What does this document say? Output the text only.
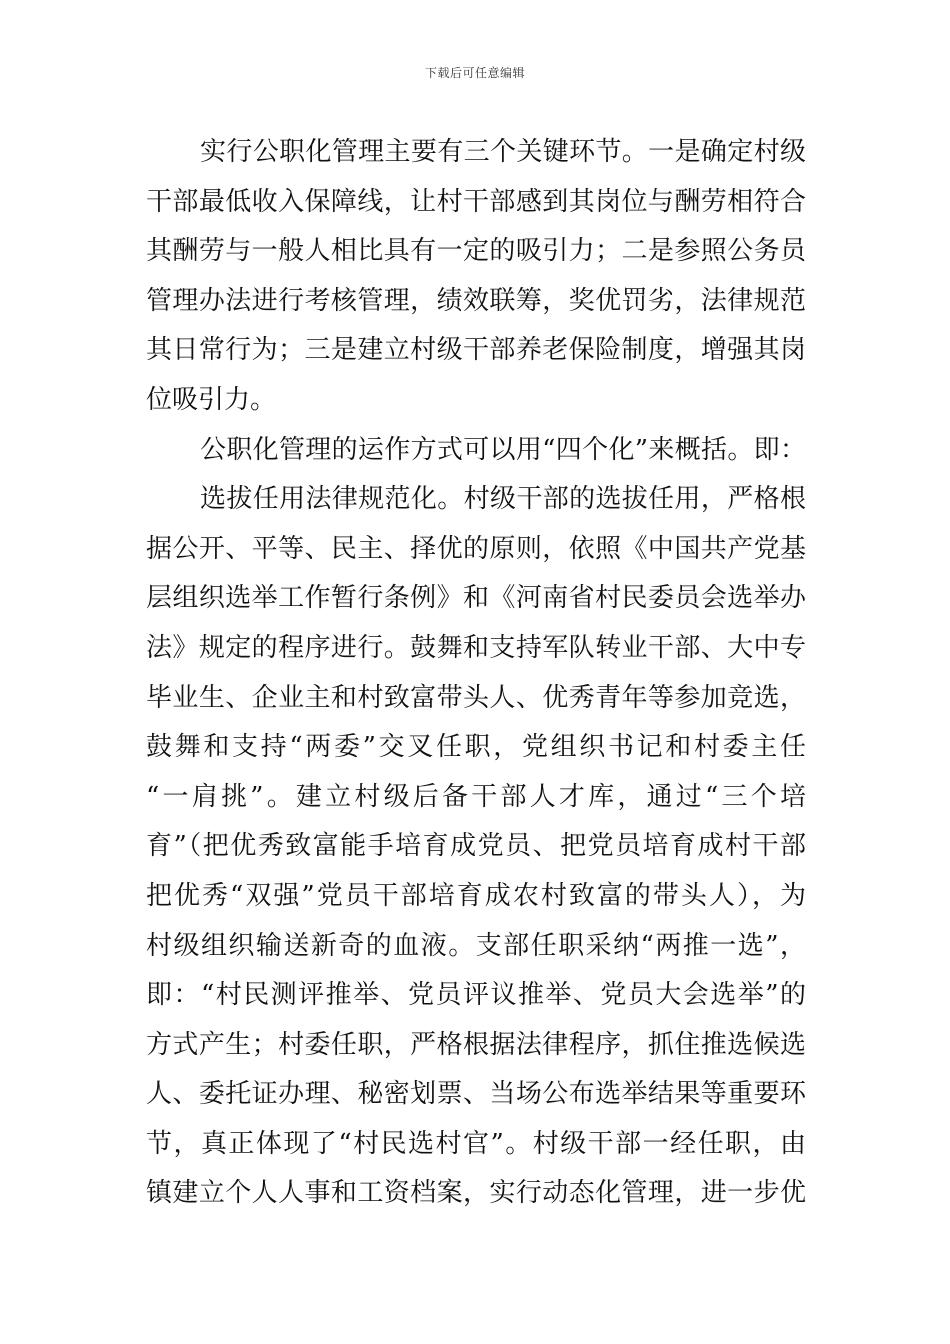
下载后可任意编辑
实行公职化管理主要有三个关键环节。一是确定村级
干部最低收入保障线，让村干部感到其岗位与酬劳相符合
其酬劳与一般人相比具有一定的吸引力；二是参照公务员
管理办法进行考核管理，绩效联筹，奖优罚劣，法律规范
其日常行为；三是建立村级干部养老保险制度，增强其岗
位吸引力。
公职化管理的运作方式可以用“四个化”来概括。即：
选拔任用法律规范化。村级干部的选拔任用，严格根
据公开、平等、民主、择优的原则，依照《中国共产党基
层组织选举工作暂行条例》和《河南省村民委员会选举办
法》规定的程序进行。鼓舞和支持军队转业干部、大中专
毕业生、企业主和村致富带头人、优秀青年等参加竞选，
鼓舞和支持“两委”交叉任职，党组织书记和村委主任
“一肩挑”。建立村级后备干部人才库，通过“三个培
育”（把优秀致富能手培育成党员、把党员培育成村干部
把优秀“双强”党员干部培育成农村致富的带头人），为
村级组织输送新奇的血液。支部任职采纳“两推一选”，
即：“村民测评推举、党员评议推举、党员大会选举”的
方式产生；村委任职，严格根据法律程序，抓住推选候选
人、委托证办理、秘密划票、当场公布选举结果等重要环
节，真正体现了“村民选村官”。村级干部一经任职，由
镇建立个人人事和工资档案，实行动态化管理，进一步优
